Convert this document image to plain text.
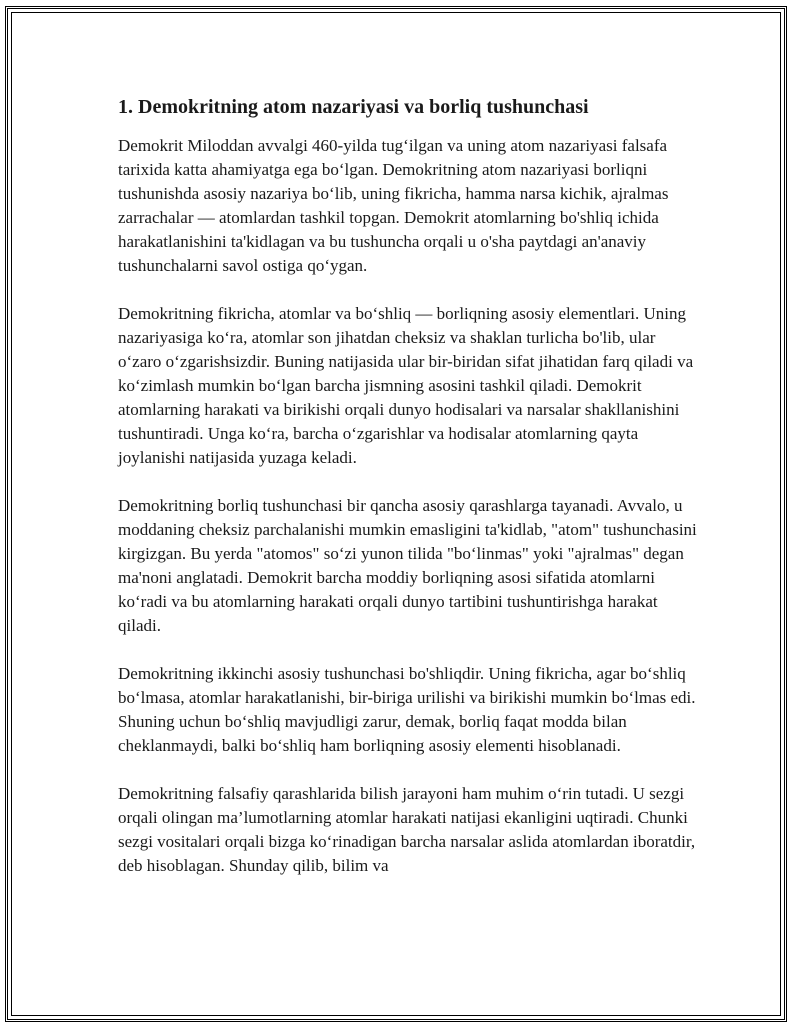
1. Demokritning atom nazariyasi va borliq tushunchasi

Demokrit Miloddan avvalgi 460-yilda tug‘ilgan va uning atom nazariyasi falsafa tarixida katta ahamiyatga ega bo‘lgan. Demokritning atom nazariyasi borliqni tushunishda asosiy nazariya bo‘lib, uning fikricha, hamma narsa kichik, ajralmas zarrachalar — atomlardan tashkil topgan. Demokrit atomlarning bo'shliq ichida harakatlanishini ta'kidlagan va bu tushuncha orqali u o'sha paytdagi an'anaviy tushunchalarni savol ostiga qo‘ygan.

Demokritning fikricha, atomlar va bo‘shliq — borliqning asosiy elementlari. Uning nazariyasiga ko‘ra, atomlar son jihatdan cheksiz va shaklan turlicha bo'lib, ular o‘zaro o‘zgarishsizdir. Buning natijasida ular bir-biridan sifat jihatidan farq qiladi va ko‘zimlash mumkin bo‘lgan barcha jismning asosini tashkil qiladi. Demokrit atomlarning harakati va birikishi orqali dunyo hodisalari va narsalar shakllanishini tushuntiradi. Unga ko‘ra, barcha o‘zgarishlar va hodisalar atomlarning qayta joylanishi natijasida yuzaga keladi.

Demokritning borliq tushunchasi bir qancha asosiy qarashlarga tayanadi. Avvalo, u moddaning cheksiz parchalanishi mumkin emasligini ta'kidlab, "atom" tushunchasini kirgizgan. Bu yerda "atomos" so‘zi yunon tilida "bo‘linmas" yoki "ajralmas" degan ma'noni anglatadi. Demokrit barcha moddiy borliqning asosi sifatida atomlarni ko‘radi va bu atomlarning harakati orqali dunyo tartibini tushuntirishga harakat qiladi.

Demokritning ikkinchi asosiy tushunchasi bo'shliqdir. Uning fikricha, agar bo‘shliq bo‘lmasa, atomlar harakatlanishi, bir-biriga urilishi va birikishi mumkin bo‘lmas edi. Shuning uchun bo‘shliq mavjudligi zarur, demak, borliq faqat modda bilan cheklanmaydi, balki bo‘shliq ham borliqning asosiy elementi hisoblanadi.

Demokritning falsafiy qarashlarida bilish jarayoni ham muhim o‘rin tutadi. U sezgi orqali olingan ma’lumotlarning atomlar harakati natijasi ekanligini uqtiradi. Chunki sezgi vositalari orqali bizga ko‘rinadigan barcha narsalar aslida atomlardan iboratdir, deb hisoblagan. Shunday qilib, bilim va
